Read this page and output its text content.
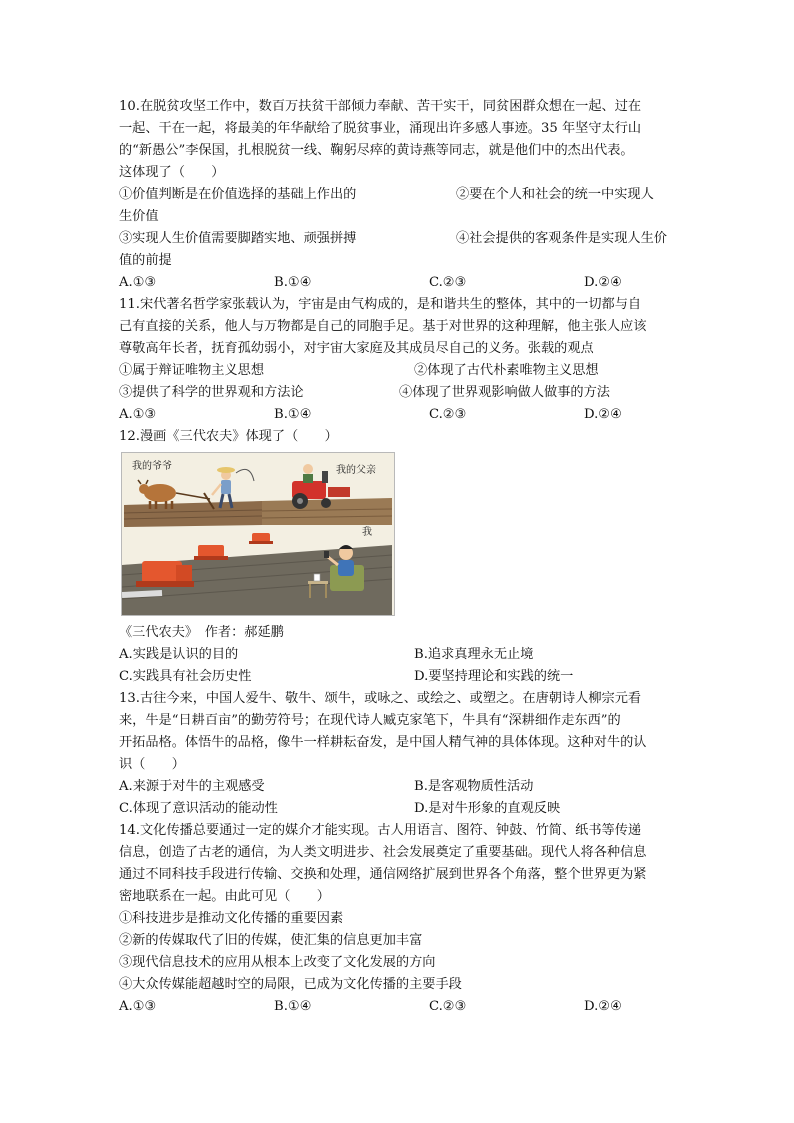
10.在脱贫攻坚工作中，数百万扶贫干部倾力奉献、苦干实干，同贫困群众想在一起、过在
一起、干在一起，将最美的年华献给了脱贫事业，涌现出许多感人事迹。35 年坚守太行山
的“新愚公”李保国，扎根脱贫一线、鞠躬尽瘁的黄诗燕等同志，就是他们中的杰出代表。
这体现了（　　）
①价值判断是在价值选择的基础上作出的	②要在个人和社会的统一中实现人
生价值
③实现人生价值需要脚踏实地、顽强拼搏	④社会提供的客观条件是实现人生价
值的前提
A.①③	B.①④	C.②③	D.②④
11.宋代著名哲学家张载认为，宇宙是由气构成的，是和谐共生的整体，其中的一切都与自
己有直接的关系，他人与万物都是自己的同胞手足。基于对世界的这种理解，他主张人应该
尊敬高年长者，抚育孤幼弱小，对宇宙大家庭及其成员尽自己的义务。张载的观点
①属于辩证唯物主义思想	②体现了古代朴素唯物主义思想
③提供了科学的世界观和方法论	④体现了世界观影响做人做事的方法
A.①③	B.①④	C.②③	D.②④
12.漫画《三代农夫》体现了（　　）
我的爷爷	我的父亲
我
《三代农夫》　作者：郝延鹏
A.实践是认识的目的	B.追求真理永无止境
C.实践具有社会历史性	D.要坚持理论和实践的统一
13.古往今来，中国人爱牛、敬牛、颂牛，或咏之、或绘之、或塑之。在唐朝诗人柳宗元看
来，牛是“日耕百亩”的勤劳符号；在现代诗人臧克家笔下，牛具有“深耕细作走东西”的
开拓品格。体悟牛的品格，像牛一样耕耘奋发，是中国人精气神的具体体现。这种对牛的认
识（　　）
A.来源于对牛的主观感受	B.是客观物质性活动
C.体现了意识活动的能动性	D.是对牛形象的直观反映
14.文化传播总要通过一定的媒介才能实现。古人用语言、图符、钟鼓、竹简、纸书等传递
信息，创造了古老的通信，为人类文明进步、社会发展奠定了重要基础。现代人将各种信息
通过不同科技手段进行传输、交换和处理，通信网络扩展到世界各个角落，整个世界更为紧
密地联系在一起。由此可见（　　）
①科技进步是推动文化传播的重要因素
②新的传媒取代了旧的传媒，使汇集的信息更加丰富
③现代信息技术的应用从根本上改变了文化发展的方向
④大众传媒能超越时空的局限，已成为文化传播的主要手段
A.①③	B.①④	C.②③	D.②④
